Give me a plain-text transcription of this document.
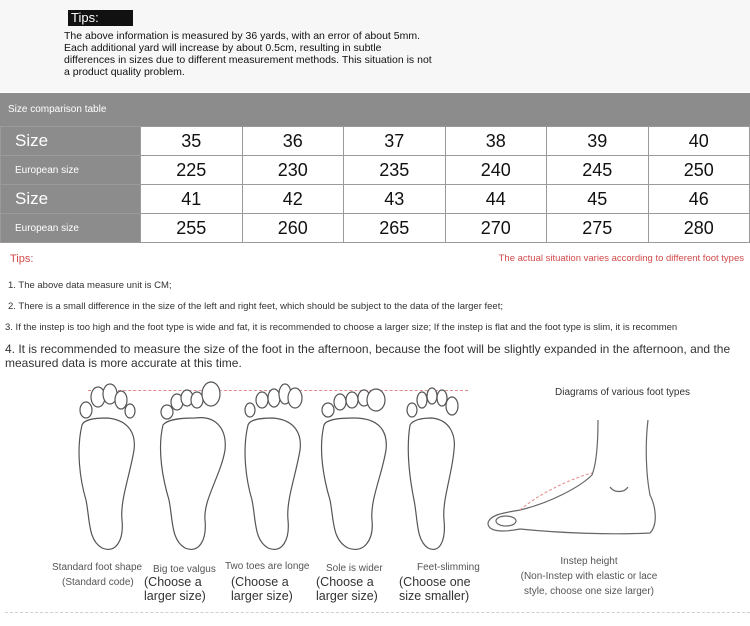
Tips:
The above information is measured by 36 yards, with an error of about 5mm. Each additional yard will increase by about 0.5cm, resulting in subtle differences in sizes due to different measurement methods. This situation is not a product quality problem.
Size comparison table
Size	35	36	37	38	39	40
European size	225	230	235	240	245	250
Size	41	42	43	44	45	46
European size	255	260	265	270	275	280
Tips:	The actual situation varies according to different foot types
1. The above data measure unit is CM;
2. There is a small difference in the size of the left and right feet, which should be subject to the data of the larger feet;
3. If the instep is too high and the foot type is wide and fat, it is recommended to choose a larger size; If the instep is flat and the foot type is slim, it is recommen
4. It is recommended to measure the size of the foot in the afternoon, because the foot will be slightly expanded in the afternoon, and the measured data is more accurate at this time.
Standard foot shape
(Standard code)
Big toe valgus
(Choose a larger size)
Two toes are longe
(Choose a larger size)
Sole is wider
(Choose a larger size)
Feet-slimming
(Choose one size smaller)
Diagrams of various foot types
Instep height
(Non-Instep with elastic or lace style, choose one size larger)
